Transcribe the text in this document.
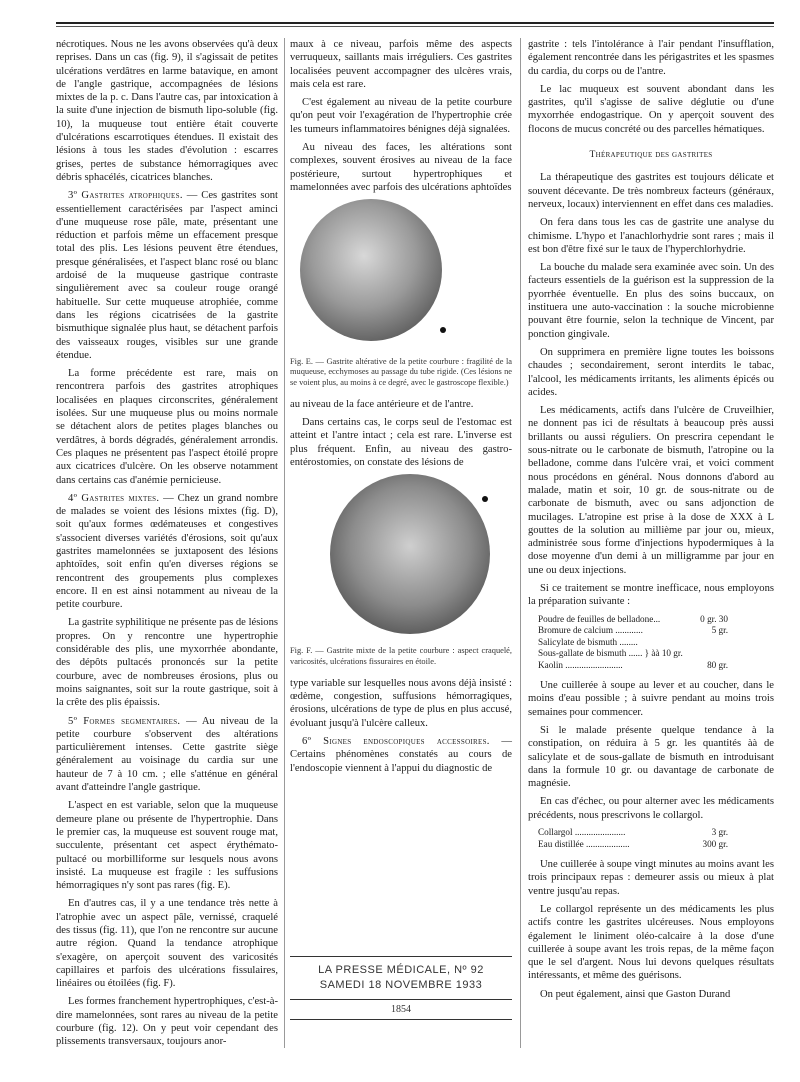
nécrotiques. Nous ne les avons observées qu'à deux reprises. Dans un cas (fig. 9), il s'agissait de petites ulcérations verdâtres en larme batavique, en amont de l'angle gastrique, accompagnées de lésions mixtes de la p. c. Dans l'autre cas, par intoxication à la suite d'une injection de bismuth lipo-soluble (fig. 10), la muqueuse tout entière était couverte d'ulcérations escarrotiques étendues. Il existait des lésions à tous les stades d'évolution : escarres grises, pertes de substance hémorragiques avec débris sphacélés, cicatrices blanches.

3º Gastrites atrophiques. — Ces gastrites sont essentiellement caractérisées par l'aspect aminci d'une muqueuse rose pâle, mate, présentant une réduction et parfois même un effacement presque total des plis. Les lésions peuvent être étendues, presque généralisées, et l'aspect blanc rosé ou blanc ardoisé de la muqueuse gastrique contraste singulièrement avec sa couleur rouge orangé habituelle. Sur cette muqueuse atrophiée, comme dans les régions cicatrisées de la gastrite bismuthique signalée plus haut, se détachent parfois des vaisseaux rouges, visibles sur une grande étendue.

La forme précédente est rare, mais on rencontrera parfois des gastrites atrophiques localisées en plaques circonscrites, généralement isolées. Sur une muqueuse plus ou moins normale se détachent alors de petites plages blanches ou verdâtres, à bords dégradés, généralement arrondis. Ces plaques ne présentent pas l'aspect étoilé propre aux cicatrices d'ulcère. On les observe notamment dans certains cas d'anémie pernicieuse.

4º Gastrites mixtes. — Chez un grand nombre de malades se voient des lésions mixtes (fig. D), soit qu'aux formes œdémateuses et congestives s'associent diverses variétés d'érosions, soit qu'aux gastrites mamelonnées se juxtaposent des lésions aphtoïdes, soit enfin qu'en diverses régions se rencontrent des groupements plus complexes encore. Il en est ainsi notamment au niveau de la petite courbure.

La gastrite syphilitique ne présente pas de lésions propres. On y rencontre une hypertrophie considérable des plis, une myxorrhée abondante, des dépôts pultacés prononcés sur la petite courbure, avec de nombreuses érosions, plus ou moins saignantes, soit sur la route gastrique, soit à la crête des plis épaissis.

5º Formes segmentaires. — Au niveau de la petite courbure s'observent des altérations particulièrement intenses. Cette gastrite siège généralement au voisinage du cardia sur une hauteur de 7 à 10 cm. ; elle s'atténue en général avant d'atteindre l'angle gastrique.

L'aspect en est variable, selon que la muqueuse demeure plane ou présente de l'hypertrophie. Dans le premier cas, la muqueuse est souvent rouge mat, succulente, présentant cet aspect érythémato-pultacé ou morbilliforme sur lesquels nous avons insisté. La muqueuse est fragile : les suffusions hémorragiques n'y sont pas rares (fig. E).

En d'autres cas, il y a une tendance très nette à l'atrophie avec un aspect pâle, vernissé, craquelé des tissus (fig. 11), que l'on ne rencontre sur aucune autre région. Quand la tendance atrophique s'exagère, on aperçoit souvent des varicosités capillaires et parfois des ulcérations fissulaires, linéaires ou étoilées (fig. F).

Les formes franchement hypertrophiques, c'est-à-dire mamelonnées, sont rares au niveau de la petite courbure (fig. 12). On y peut voir cependant des plissements transversaux, toujours anor-

maux à ce niveau, parfois même des aspects verruqueux, saillants mais irréguliers. Ces gastrites localisées peuvent accompagner des ulcères vrais, mais cela est rare.

C'est également au niveau de la petite courbure qu'on peut voir l'exagération de l'hypertrophie crée les tumeurs inflammatoires bénignes déjà signalées.

Au niveau des faces, les altérations sont complexes, souvent érosives au niveau de la face postérieure, surtout hypertrophiques et mamelonnées avec parfois des ulcérations aphtoïdes

Fig. E. — Gastrite altérative de la petite courbure : fragilité de la muqueuse, ecchymoses au passage du tube rigide. (Ces lésions ne se voient plus, au moins à ce degré, avec le gastroscope flexible.)

au niveau de la face antérieure et de l'antre.

Dans certains cas, le corps seul de l'estomac est atteint et l'antre intact ; cela est rare. L'inverse est plus fréquent. Enfin, au niveau des gastro-entérostomies, on constate des lésions de

Fig. F. — Gastrite mixte de la petite courbure : aspect craquelé, varicosités, ulcérations fissuraires en étoile.

type variable sur lesquelles nous avons déjà insisté : œdème, congestion, suffusions hémorragiques, érosions, ulcérations de type de plus en plus accusé, évoluant jusqu'à l'ulcère calleux.

6º Signes endoscopiques accessoires. — Certains phénomènes constatés au cours de l'endoscopie viennent à l'appui du diagnostic de

LA PRESSE MÉDICALE, Nº 92
SAMEDI 18 NOVEMBRE 1933
1854

gastrite : tels l'intolérance à l'air pendant l'insufflation, également rencontrée dans les périgastrites et les spasmes du cardia, du corps ou de l'antre.

Le lac muqueux est souvent abondant dans les gastrites, qu'il s'agisse de salive déglutie ou d'une myxorrhée endogastrique. On y aperçoit souvent des flocons de mucus concrété ou des parcelles hématiques.

Thérapeutique des gastrites

La thérapeutique des gastrites est toujours délicate et souvent décevante. De très nombreux facteurs (généraux, nerveux, locaux) interviennent en effet dans ces maladies.

On fera dans tous les cas de gastrite une analyse du chimisme. L'hypo et l'anachlorhydrie sont rares ; mais il est bon d'être fixé sur le taux de l'hyperchlorhydrie.

La bouche du malade sera examinée avec soin. Un des facteurs essentiels de la guérison est la suppression de la pyorrhée éventuelle. En plus des soins buccaux, on instituera une auto-vaccination : la souche microbienne pouvant être fournie, selon la technique de Vincent, par ponction gingivale.

On supprimera en première ligne toutes les boissons chaudes ; secondairement, seront interdits le tabac, l'alcool, les médicaments irritants, les aliments épicés ou acides.

Les médicaments, actifs dans l'ulcère de Cruveilhier, ne donnent pas ici de résultats à beaucoup près aussi brillants ou aussi réguliers. On prescrira cependant le sous-nitrate ou le carbonate de bismuth, l'atropine ou la belladone, comme dans l'ulcère vrai, et voici comment nous procédons en général. Nous donnons d'abord au malade, matin et soir, 10 gr. de sous-nitrate ou de carbonate de bismuth, avec ou sans adjonction de mucilages. L'atropine est prise à la dose de XXX à L gouttes de la solution au millième par jour ou, mieux, administrée sous forme d'injections hypodermiques à la dose moyenne d'un demi à un milligramme par jour en une ou deux injections.

Si ce traitement se montre inefficace, nous employons la préparation suivante :

Poudre de feuilles de belladone...	0 gr. 30
Bromure de calcium ............	5 gr.
Salicylate de bismuth ........
Sous-gallate de bismuth ...... } àà 10 gr.
Kaolin .........................	80 gr.

Une cuillerée à soupe au lever et au coucher, dans le moins d'eau possible ; à suivre pendant au moins trois semaines pour commencer.

Si le malade présente quelque tendance à la constipation, on réduira à 5 gr. les quantités àà de salicylate et de sous-gallate de bismuth en introduisant dans la formule 10 gr. ou davantage de carbonate de magnésie.

En cas d'échec, ou pour alterner avec les médicaments précédents, nous prescrivons le collargol.

Collargol ......................	3 gr.
Eau distillée ...................	300 gr.

Une cuillerée à soupe vingt minutes au moins avant les trois principaux repas : demeurer assis ou mieux à plat ventre jusqu'au repas.

Le collargol représente un des médicaments les plus actifs contre les gastrites ulcéreuses. Nous employons également le liniment oléo-calcaire à la dose d'une cuillerée à soupe avant les trois repas, de la même façon que le sel d'argent. Nous lui devons quelques résultats intéressants, et même des guérisons.

On peut également, ainsi que Gaston Durand
